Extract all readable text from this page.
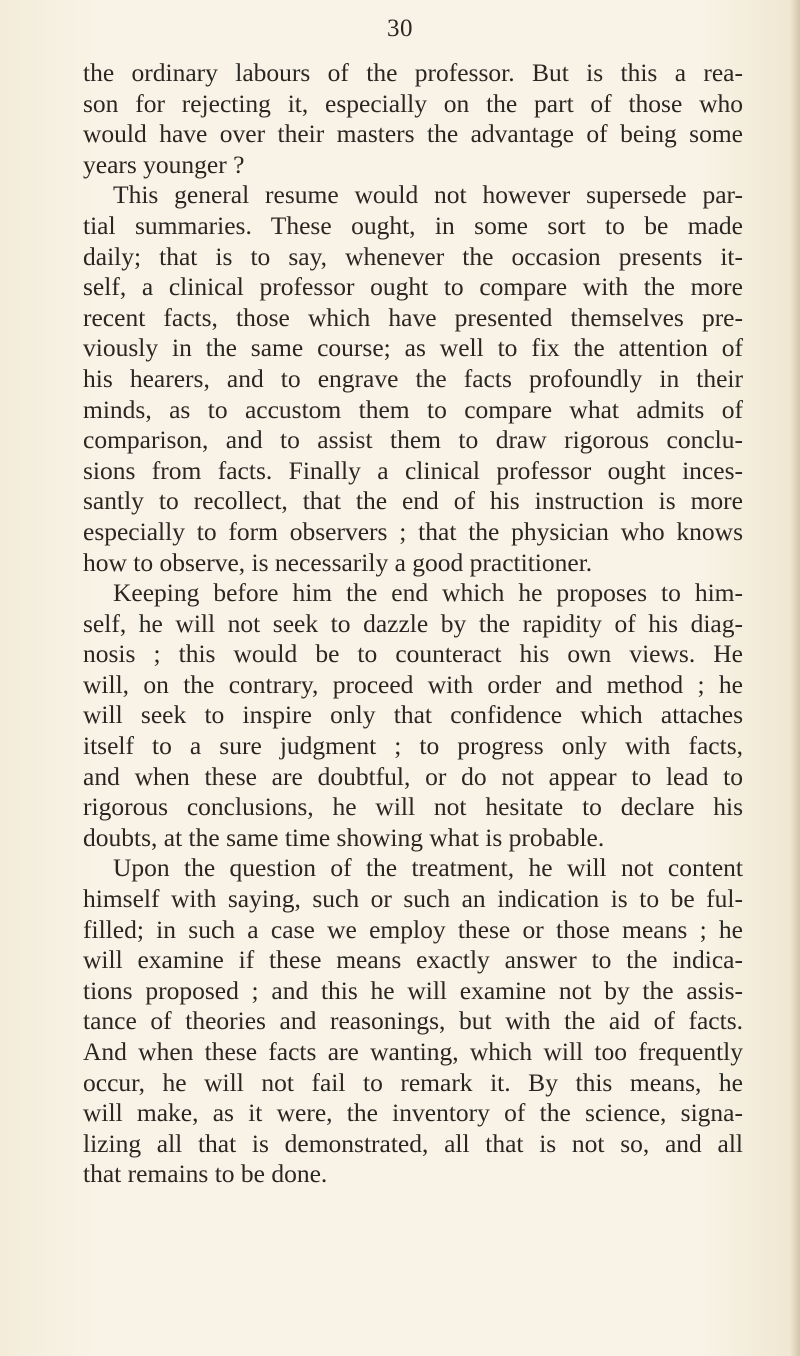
30
the ordinary labours of the professor. But is this a rea-
son for rejecting it, especially on the part of those who
would have over their masters the advantage of being some
years younger ?
This general resume would not however supersede par-
tial summaries. These ought, in some sort to be made
daily; that is to say, whenever the occasion presents it-
self, a clinical professor ought to compare with the more
recent facts, those which have presented themselves pre-
viously in the same course; as well to fix the attention of
his hearers, and to engrave the facts profoundly in their
minds, as to accustom them to compare what admits of
comparison, and to assist them to draw rigorous conclu-
sions from facts. Finally a clinical professor ought inces-
santly to recollect, that the end of his instruction is more
especially to form observers ; that the physician who knows
how to observe, is necessarily a good practitioner.
Keeping before him the end which he proposes to him-
self, he will not seek to dazzle by the rapidity of his diag-
nosis ; this would be to counteract his own views. He
will, on the contrary, proceed with order and method ; he
will seek to inspire only that confidence which attaches
itself to a sure judgment ; to progress only with facts,
and when these are doubtful, or do not appear to lead to
rigorous conclusions, he will not hesitate to declare his
doubts, at the same time showing what is probable.
Upon the question of the treatment, he will not content
himself with saying, such or such an indication is to be ful-
filled; in such a case we employ these or those means ; he
will examine if these means exactly answer to the indica-
tions proposed ; and this he will examine not by the assis-
tance of theories and reasonings, but with the aid of facts.
And when these facts are wanting, which will too frequently
occur, he will not fail to remark it. By this means, he
will make, as it were, the inventory of the science, signa-
lizing all that is demonstrated, all that is not so, and all
that remains to be done.
